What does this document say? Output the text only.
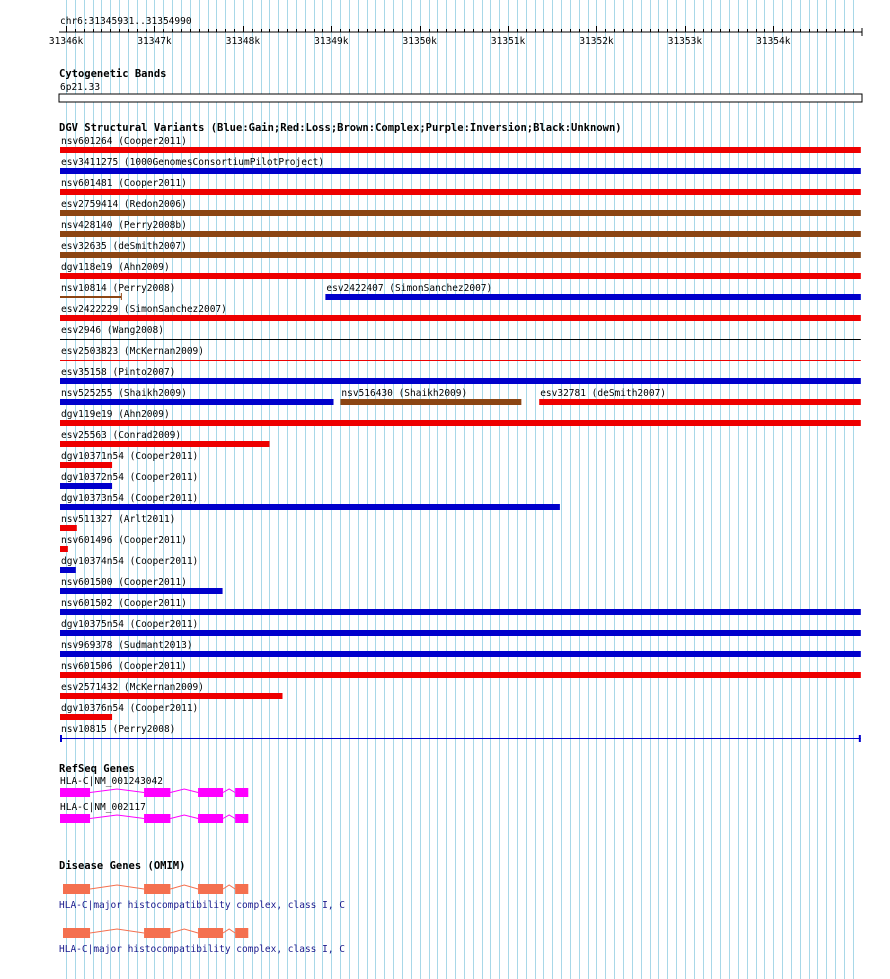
chr6:31345931..31354990
31346k	31347k	31348k	31349k	31350k	31351k	31352k	31353k	31354k
Cytogenetic Bands
6p21.33
DGV Structural Variants (Blue:Gain;Red:Loss;Brown:Complex;Purple:Inversion;Black:Unknown)
nsv601264 (Cooper2011)
esv3411275 (1000GenomesConsortiumPilotProject)
nsv601481 (Cooper2011)
esv2759414 (Redon2006)
nsv428140 (Perry2008b)
esv32635 (deSmith2007)
dgv118e19 (Ahn2009)
nsv10814 (Perry2008)	esv2422407 (SimonSanchez2007)
esv2422229 (SimonSanchez2007)
esv2946 (Wang2008)
esv2503823 (McKernan2009)
esv35158 (Pinto2007)
nsv525255 (Shaikh2009)	nsv516430 (Shaikh2009)	esv32781 (deSmith2007)
dgv119e19 (Ahn2009)
esv25563 (Conrad2009)
dgv10371n54 (Cooper2011)
dgv10372n54 (Cooper2011)
dgv10373n54 (Cooper2011)
nsv511327 (Arlt2011)
nsv601496 (Cooper2011)
dgv10374n54 (Cooper2011)
nsv601500 (Cooper2011)
nsv601502 (Cooper2011)
dgv10375n54 (Cooper2011)
nsv969378 (Sudmant2013)
nsv601506 (Cooper2011)
esv2571432 (McKernan2009)
dgv10376n54 (Cooper2011)
nsv10815 (Perry2008)
RefSeq Genes
HLA-C|NM_001243042
HLA-C|NM_002117
Disease Genes (OMIM)
HLA-C|major histocompatibility complex, class I, C
HLA-C|major histocompatibility complex, class I, C
